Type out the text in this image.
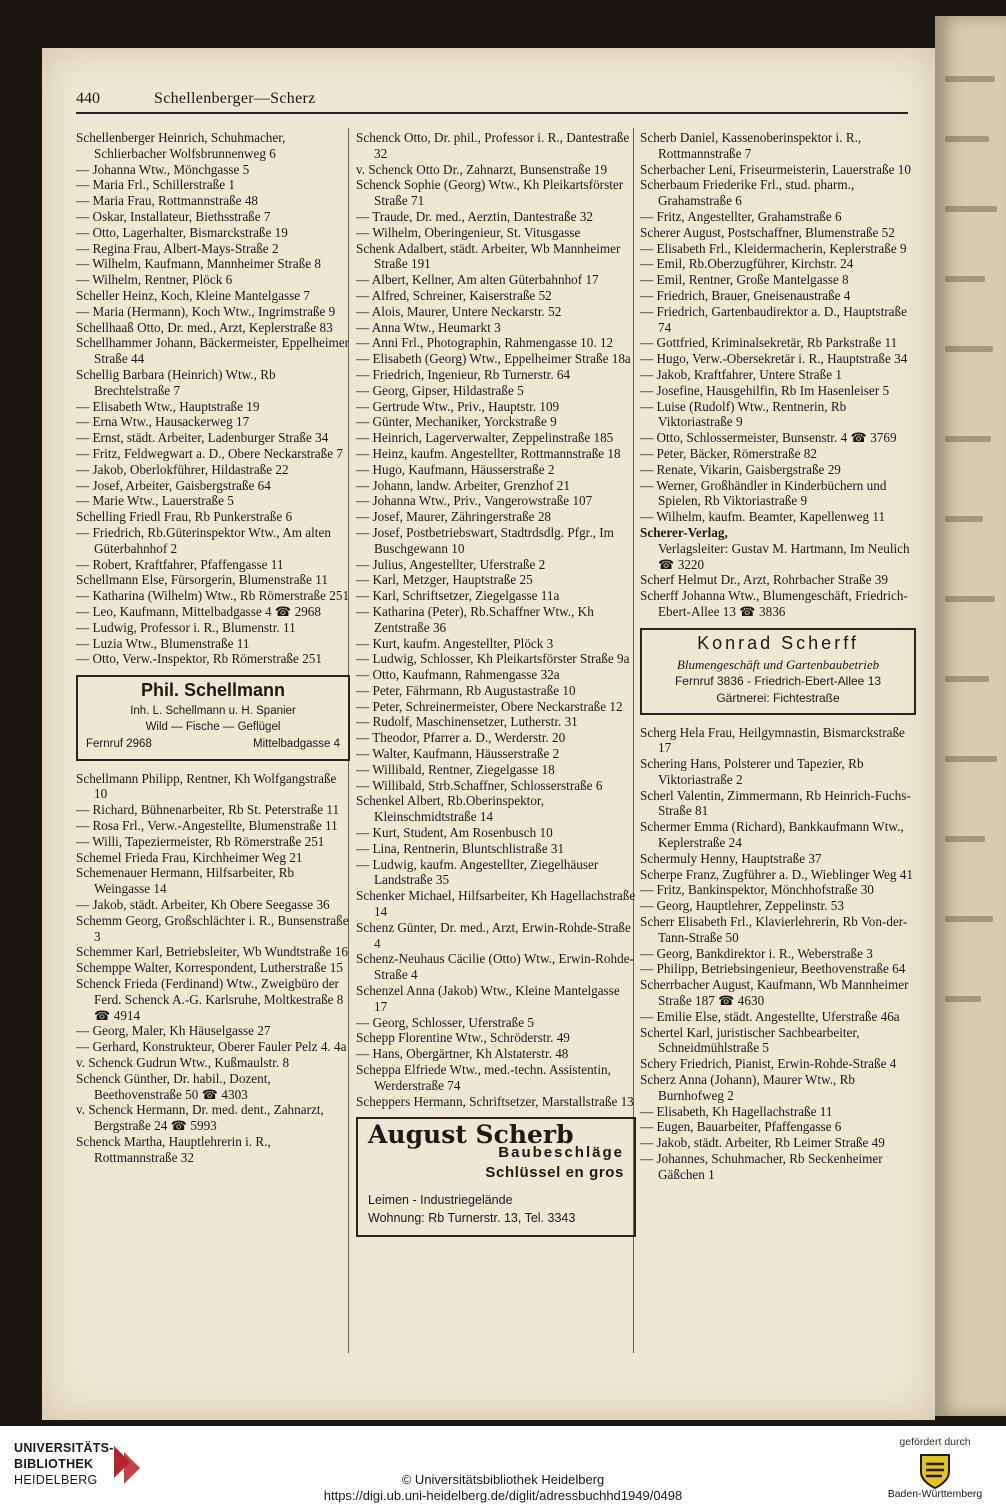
440	Schellenberger—Scherz

Schellenberger Heinrich, Schuhmacher, Schlierbacher Wolfsbrunnenweg 6

— Johanna Wtw., Mönchgasse 5

— Maria Frl., Schillerstraße 1

— Maria Frau, Rottmannstraße 48

— Oskar, Installateur, Biethsstraße 7

— Otto, Lagerhalter, Bismarckstraße 19

— Regina Frau, Albert-Mays-Straße 2

— Wilhelm, Kaufmann, Mannheimer Straße 8

— Wilhelm, Rentner, Plöck 6

Scheller Heinz, Koch, Kleine Mantelgasse 7

— Maria (Hermann), Koch Wtw., Ingrimstraße 9

Schellhaaß Otto, Dr. med., Arzt, Keplerstraße 83

Schellhammer Johann, Bäckermeister, Eppelheimer Straße 44

Schellig Barbara (Heinrich) Wtw., Rb Brechtelstraße 7

— Elisabeth Wtw., Hauptstraße 19

— Erna Wtw., Hausackerweg 17

— Ernst, städt. Arbeiter, Ladenburger Straße 34

— Fritz, Feldwegwart a. D., Obere Neckarstraße 7

— Jakob, Oberlokführer, Hildastraße 22

— Josef, Arbeiter, Gaisbergstraße 64

— Marie Wtw., Lauerstraße 5

Schelling Friedl Frau, Rb Punkerstraße 6

— Friedrich, Rb.Güterinspektor Wtw., Am alten Güterbahnhof 2

— Robert, Kraftfahrer, Pfaffengasse 11

Schellmann Else, Fürsorgerin, Blumenstraße 11

— Katharina (Wilhelm) Wtw., Rb Römerstraße 251

— Leo, Kaufmann, Mittelbadgasse 4 ☎ 2968

— Ludwig, Professor i. R., Blumenstr. 11

— Luzia Wtw., Blumenstraße 11

— Otto, Verw.-Inspektor, Rb Römerstraße 251

Phil. Schellmann
Inh. L. Schellmann u. H. Spanier
Wild — Fische — Geflügel
Fernruf 2968	Mittelbadgasse 4

Schellmann Philipp, Rentner, Kh Wolfgangstraße 10

— Richard, Bühnenarbeiter, Rb St. Peterstraße 11

— Rosa Frl., Verw.-Angestellte, Blumenstraße 11

— Willi, Tapeziermeister, Rb Römerstraße 251

Schemel Frieda Frau, Kirchheimer Weg 21

Schemenauer Hermann, Hilfsarbeiter, Rb Weingasse 14

— Jakob, städt. Arbeiter, Kh Obere Seegasse 36

Schemm Georg, Großschlächter i. R., Bunsenstraße 3

Schemmer Karl, Betriebsleiter, Wb Wundtstraße 16

Schemppe Walter, Korrespondent, Lutherstraße 15

Schenck Frieda (Ferdinand) Wtw., Zweigbüro der Ferd. Schenck A.-G. Karlsruhe, Moltkestraße 8 ☎ 4914

— Georg, Maler, Kh Häuselgasse 27

— Gerhard, Konstrukteur, Oberer Fauler Pelz 4. 4a

v. Schenck Gudrun Wtw., Kußmaulstr. 8

Schenck Günther, Dr. habil., Dozent, Beethovenstraße 50 ☎ 4303

v. Schenck Hermann, Dr. med. dent., Zahnarzt, Bergstraße 24 ☎ 5993

Schenck Martha, Hauptlehrerin i. R., Rottmannstraße 32

Schenck Otto, Dr. phil., Professor i. R., Dantestraße 32

v. Schenck Otto Dr., Zahnarzt, Bunsenstraße 19

Schenck Sophie (Georg) Wtw., Kh Pleikartsförster Straße 71

— Traude, Dr. med., Aerztin, Dantestraße 32

— Wilhelm, Oberingenieur, St. Vitusgasse

Schenk Adalbert, städt. Arbeiter, Wb Mannheimer Straße 191

— Albert, Kellner, Am alten Güterbahnhof 17

— Alfred, Schreiner, Kaiserstraße 52

— Alois, Maurer, Untere Neckarstr. 52

— Anna Wtw., Heumarkt 3

— Anni Frl., Photographin, Rahmengasse 10. 12

— Elisabeth (Georg) Wtw., Eppelheimer Straße 18a

— Friedrich, Ingenieur, Rb Turnerstr. 64

— Georg, Gipser, Hildastraße 5

— Gertrude Wtw., Priv., Hauptstr. 109

— Günter, Mechaniker, Yorckstraße 9

— Heinrich, Lagerverwalter, Zeppelinstraße 185

— Heinz, kaufm. Angestellter, Rottmannstraße 18

— Hugo, Kaufmann, Häusserstraße 2

— Johann, landw. Arbeiter, Grenzhof 21

— Johanna Wtw., Priv., Vangerowstraße 107

— Josef, Maurer, Zähringerstraße 28

— Josef, Postbetriebswart, Stadtrdsdlg. Pfgr., Im Buschgewann 10

— Julius, Angestellter, Uferstraße 2

— Karl, Metzger, Hauptstraße 25

— Karl, Schriftsetzer, Ziegelgasse 11a

— Katharina (Peter), Rb.Schaffner Wtw., Kh Zentstraße 36

— Kurt, kaufm. Angestellter, Plöck 3

— Ludwig, Schlosser, Kh Pleikartsförster Straße 9a

— Otto, Kaufmann, Rahmengasse 32a

— Peter, Fährmann, Rb Augustastraße 10

— Peter, Schreinermeister, Obere Neckarstraße 12

— Rudolf, Maschinensetzer, Lutherstr. 31

— Theodor, Pfarrer a. D., Werderstr. 20

— Walter, Kaufmann, Häusserstraße 2

— Willibald, Rentner, Ziegelgasse 18

— Willibald, Strb.Schaffner, Schlosserstraße 6

Schenkel Albert, Rb.Oberinspektor, Kleinschmidtstraße 14

— Kurt, Student, Am Rosenbusch 10

— Lina, Rentnerin, Bluntschlistraße 31

— Ludwig, kaufm. Angestellter, Ziegelhäuser Landstraße 35

Schenker Michael, Hilfsarbeiter, Kh Hagellachstraße 14

Schenz Günter, Dr. med., Arzt, Erwin-Rohde-Straße 4

Schenz-Neuhaus Cäcilie (Otto) Wtw., Erwin-Rohde-Straße 4

Schenzel Anna (Jakob) Wtw., Kleine Mantelgasse 17

— Georg, Schlosser, Uferstraße 5

Schepp Florentine Wtw., Schröderstr. 49

— Hans, Obergärtner, Kh Alstaterstr. 48

Scheppa Elfriede Wtw., med.-techn. Assistentin, Werderstraße 74

Scheppers Hermann, Schriftsetzer, Marstallstraße 13

August Scherb
Baubeschläge
Schlüssel en gros
Leimen - Industriegelände
Wohnung: Rb Turnerstr. 13, Tel. 3343

Scherb Daniel, Kassenoberinspektor i. R., Rottmannstraße 7

Scherbacher Leni, Friseurmeisterin, Lauerstraße 10

Scherbaum Friederike Frl., stud. pharm., Grahamstraße 6

— Fritz, Angestellter, Grahamstraße 6

Scherer August, Postschaffner, Blumenstraße 52

— Elisabeth Frl., Kleidermacherin, Keplerstraße 9

— Emil, Rb.Oberzugführer, Kirchstr. 24

— Emil, Rentner, Große Mantelgasse 8

— Friedrich, Brauer, Gneisenaustraße 4

— Friedrich, Gartenbaudirektor a. D., Hauptstraße 74

— Gottfried, Kriminalsekretär, Rb Parkstraße 11

— Hugo, Verw.-Obersekretär i. R., Hauptstraße 34

— Jakob, Kraftfahrer, Untere Straße 1

— Josefine, Hausgehilfin, Rb Im Hasenleiser 5

— Luise (Rudolf) Wtw., Rentnerin, Rb Viktoriastraße 9

— Otto, Schlossermeister, Bunsenstr. 4 ☎ 3769

— Peter, Bäcker, Römerstraße 82

— Renate, Vikarin, Gaisbergstraße 29

— Werner, Großhändler in Kinderbüchern und Spielen, Rb Viktoriastraße 9

— Wilhelm, kaufm. Beamter, Kapellenweg 11

Scherer-Verlag,

Verlagsleiter: Gustav M. Hartmann, Im Neulich ☎ 3220

Scherf Helmut Dr., Arzt, Rohrbacher Straße 39

Scherff Johanna Wtw., Blumengeschäft, Friedrich-Ebert-Allee 13 ☎ 3836

Konrad Scherff
Blumengeschäft und Gartenbaubetrieb
Fernruf 3836 - Friedrich-Ebert-Allee 13
Gärtnerei: Fichtestraße

Scherg Hela Frau, Heilgymnastin, Bismarckstraße 17

Schering Hans, Polsterer und Tapezier, Rb Viktoriastraße 2

Scherl Valentin, Zimmermann, Rb Heinrich-Fuchs-Straße 81

Schermer Emma (Richard), Bankkaufmann Wtw., Keplerstraße 24

Schermuly Henny, Hauptstraße 37

Scherpe Franz, Zugführer a. D., Wieblinger Weg 41

— Fritz, Bankinspektor, Mönchhofstraße 30

— Georg, Hauptlehrer, Zeppelinstr. 53

Scherr Elisabeth Frl., Klavierlehrerin, Rb Von-der-Tann-Straße 50

— Georg, Bankdirektor i. R., Weberstraße 3

— Philipp, Betriebsingenieur, Beethovenstraße 64

Scherrbacher August, Kaufmann, Wb Mannheimer Straße 187 ☎ 4630

— Emilie Else, städt. Angestellte, Uferstraße 46a

Schertel Karl, juristischer Sachbearbeiter, Schneidmühlstraße 5

Schery Friedrich, Pianist, Erwin-Rohde-Straße 4

Scherz Anna (Johann), Maurer Wtw., Rb Burnhofweg 2

— Elisabeth, Kh Hagellachstraße 11

— Eugen, Bauarbeiter, Pfaffengasse 6

— Jakob, städt. Arbeiter, Rb Leimer Straße 49

— Johannes, Schuhmacher, Rb Seckenheimer Gäßchen 1

UNIVERSITÄTS-
BIBLIOTHEK
HEIDELBERG	© Universitätsbibliothek Heidelberg
https://digi.ub.uni-heidelberg.de/diglit/adressbuchhd1949/0498
gefördert durch
Baden-Württemberg
